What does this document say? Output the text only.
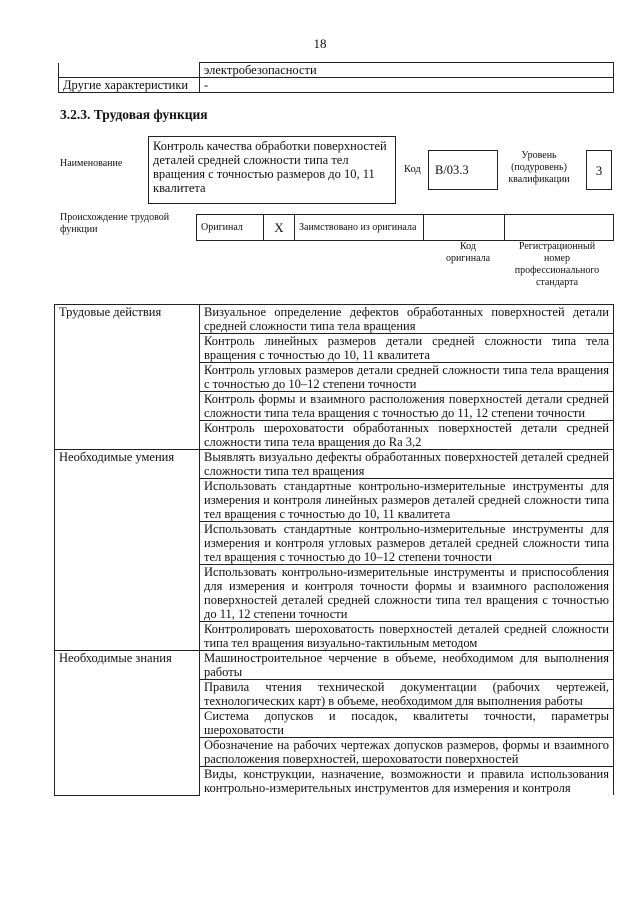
18
	электробезопасности
Другие характеристики	-
3.2.3. Трудовая функция
Наименование
Контроль качества обработки поверхностей деталей средней сложности типа тел вращения с точностью размеров до 10, 11 квалитета
Код	B/03.3
Уровень (подуровень) квалификации
3
Происхождение трудовой функции	Оригинал	X	Заимствовано из оригинала		
Код оригинала
Регистрационный номер профессионального стандарта
Трудовые действия	Визуальное определение дефектов обработанных поверхностей детали средней сложности типа тела вращения
	Контроль линейных размеров детали средней сложности типа тела вращения с точностью до 10, 11 квалитета
	Контроль угловых размеров детали средней сложности типа тела вращения с точностью до 10–12 степени точности
	Контроль формы и взаимного расположения поверхностей детали средней сложности типа тела вращения с точностью до 11, 12 степени точности
	Контроль шероховатости обработанных поверхностей детали средней сложности типа тела вращения до Ra 3,2
Необходимые умения	Выявлять визуально дефекты обработанных поверхностей деталей средней сложности типа тел вращения
	Использовать стандартные контрольно-измерительные инструменты для измерения и контроля линейных размеров деталей средней сложности типа тел вращения с точностью до 10, 11 квалитета
	Использовать стандартные контрольно-измерительные инструменты для измерения и контроля угловых размеров деталей средней сложности типа тел вращения с точностью до 10–12 степени точности
	Использовать контрольно-измерительные инструменты и приспособления для измерения и контроля точности формы и взаимного расположения поверхностей деталей средней сложности типа тел вращения с точностью до 11, 12 степени точности
	Контролировать шероховатость поверхностей деталей средней сложности типа тел вращения визуально-тактильным методом
Необходимые знания	Машиностроительное черчение в объеме, необходимом для выполнения работы
	Правила чтения технической документации (рабочих чертежей, технологических карт) в объеме, необходимом для выполнения работы
	Система допусков и посадок, квалитеты точности, параметры шероховатости
	Обозначение на рабочих чертежах допусков размеров, формы и взаимного расположения поверхностей, шероховатости поверхностей
	Виды, конструкции, назначение, возможности и правила использования контрольно-измерительных инструментов для измерения и контроля
